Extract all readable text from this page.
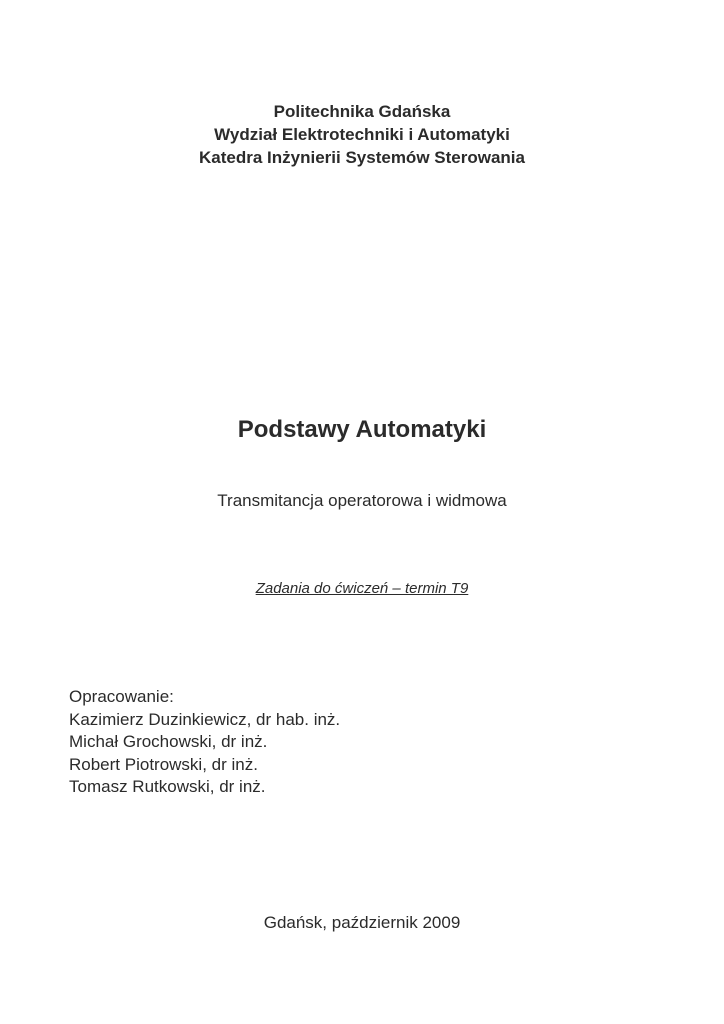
Politechnika Gdańska
Wydział Elektrotechniki i Automatyki
Katedra Inżynierii Systemów Sterowania
Podstawy Automatyki
Transmitancja operatorowa i widmowa
Zadania do ćwiczeń – termin T9
Opracowanie:
Kazimierz Duzinkiewicz, dr hab. inż.
Michał Grochowski, dr inż.
Robert Piotrowski, dr inż.
Tomasz Rutkowski, dr inż.
Gdańsk, październik 2009
